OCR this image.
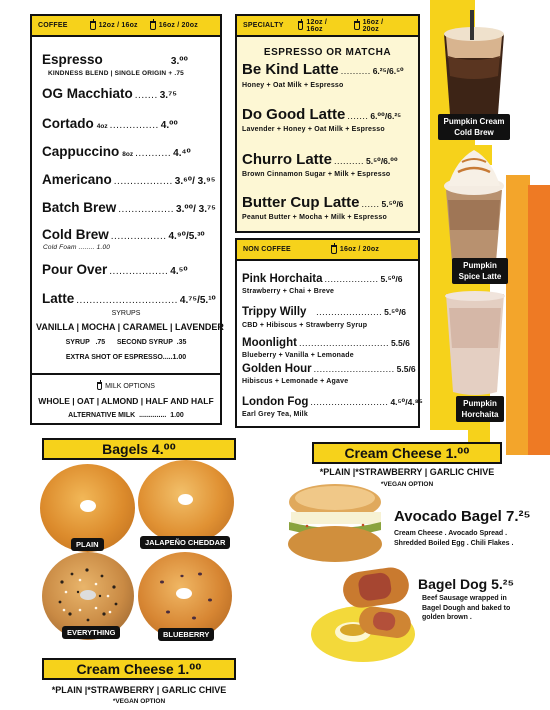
COFFEE	12oz / 16oz	16oz / 20oz
Espresso	3.⁰⁰
KINDNESS BLEND | SINGLE ORIGIN + .75
OG Macchiato ....... 3.⁷⁵
Cortado 4oz ............... 4.⁰⁰
Cappuccino 8oz ........... 4.⁴⁰
Americano .................. 3.⁶⁰/ 3.⁹⁵
Batch Brew ................. 3.⁰⁰/ 3.⁷⁵
Cold Brew ................. 4.⁹⁰/5.³⁰
Cold Foam ........ 1.00
Pour Over .................. 4.⁵⁰
Latte ............................... 4.⁷⁵/5.¹⁰
SYRUPS
VANILLA | MOCHA | CARAMEL | LAVENDER
SYRUP   .75      SECOND SYRUP  .35
EXTRA SHOT OF ESPRESSO.....1.00
MILK OPTIONS
WHOLE | OAT | ALMOND | HALF AND HALF
ALTERNATIVE MILK  ..............  1.00
SPECIALTY	12oz / 16oz
16oz / 20oz
ESPRESSO OR MATCHA
Be Kind Latte .......... 6.²⁵/6.⁵⁰
Honey + Oat Milk + Espresso
Do Good Latte ....... 6.⁰⁰/6.²⁵
Lavender + Honey + Oat Milk + Espresso
Churro Latte .......... 5.⁵⁰/6.⁰⁰
Brown Cinnamon Sugar + Milk + Espresso
Butter Cup Latte ...... 5.⁵⁰/6
Peanut Butter + Mocha + Milk + Espresso
NON COFFEE	16oz / 20oz
Pink Horchaita .................. 5.⁵⁰/6
Strawberry + Chai + Breve
Trippy Willy ...................... 5.⁵⁰/6
CBD + Hibiscus + Strawberry Syrup
Moonlight .............................. 5.5/6
Blueberry + Vanilla + Lemonade
Golden Hour ........................... 5.5/6
Hibiscus + Lemonade + Agave
London Fog .......................... 4.⁵⁰/4.⁸⁵
Earl Grey Tea, Milk
Pumpkin Cream
Cold Brew
Pumpkin
Spice Latte
Pumpkin
Horchaita
Bagels 4.⁰⁰
PLAIN	JALAPEÑO CHEDDAR
EVERYTHING	BLUEBERRY
Cream Cheese 1.⁰⁰
*PLAIN |*STRAWBERRY | GARLIC CHIVE
*VEGAN OPTION
Cream Cheese 1.⁰⁰
*PLAIN |*STRAWBERRY | GARLIC CHIVE
*VEGAN OPTION
Avocado Bagel 7.²⁵
Cream Cheese . Avocado Spread .
Shredded Boiled Egg . Chili Flakes .
Bagel Dog 5.²⁵
Beef Sausage wrapped in
Bagel Dough and baked to
golden brown .
